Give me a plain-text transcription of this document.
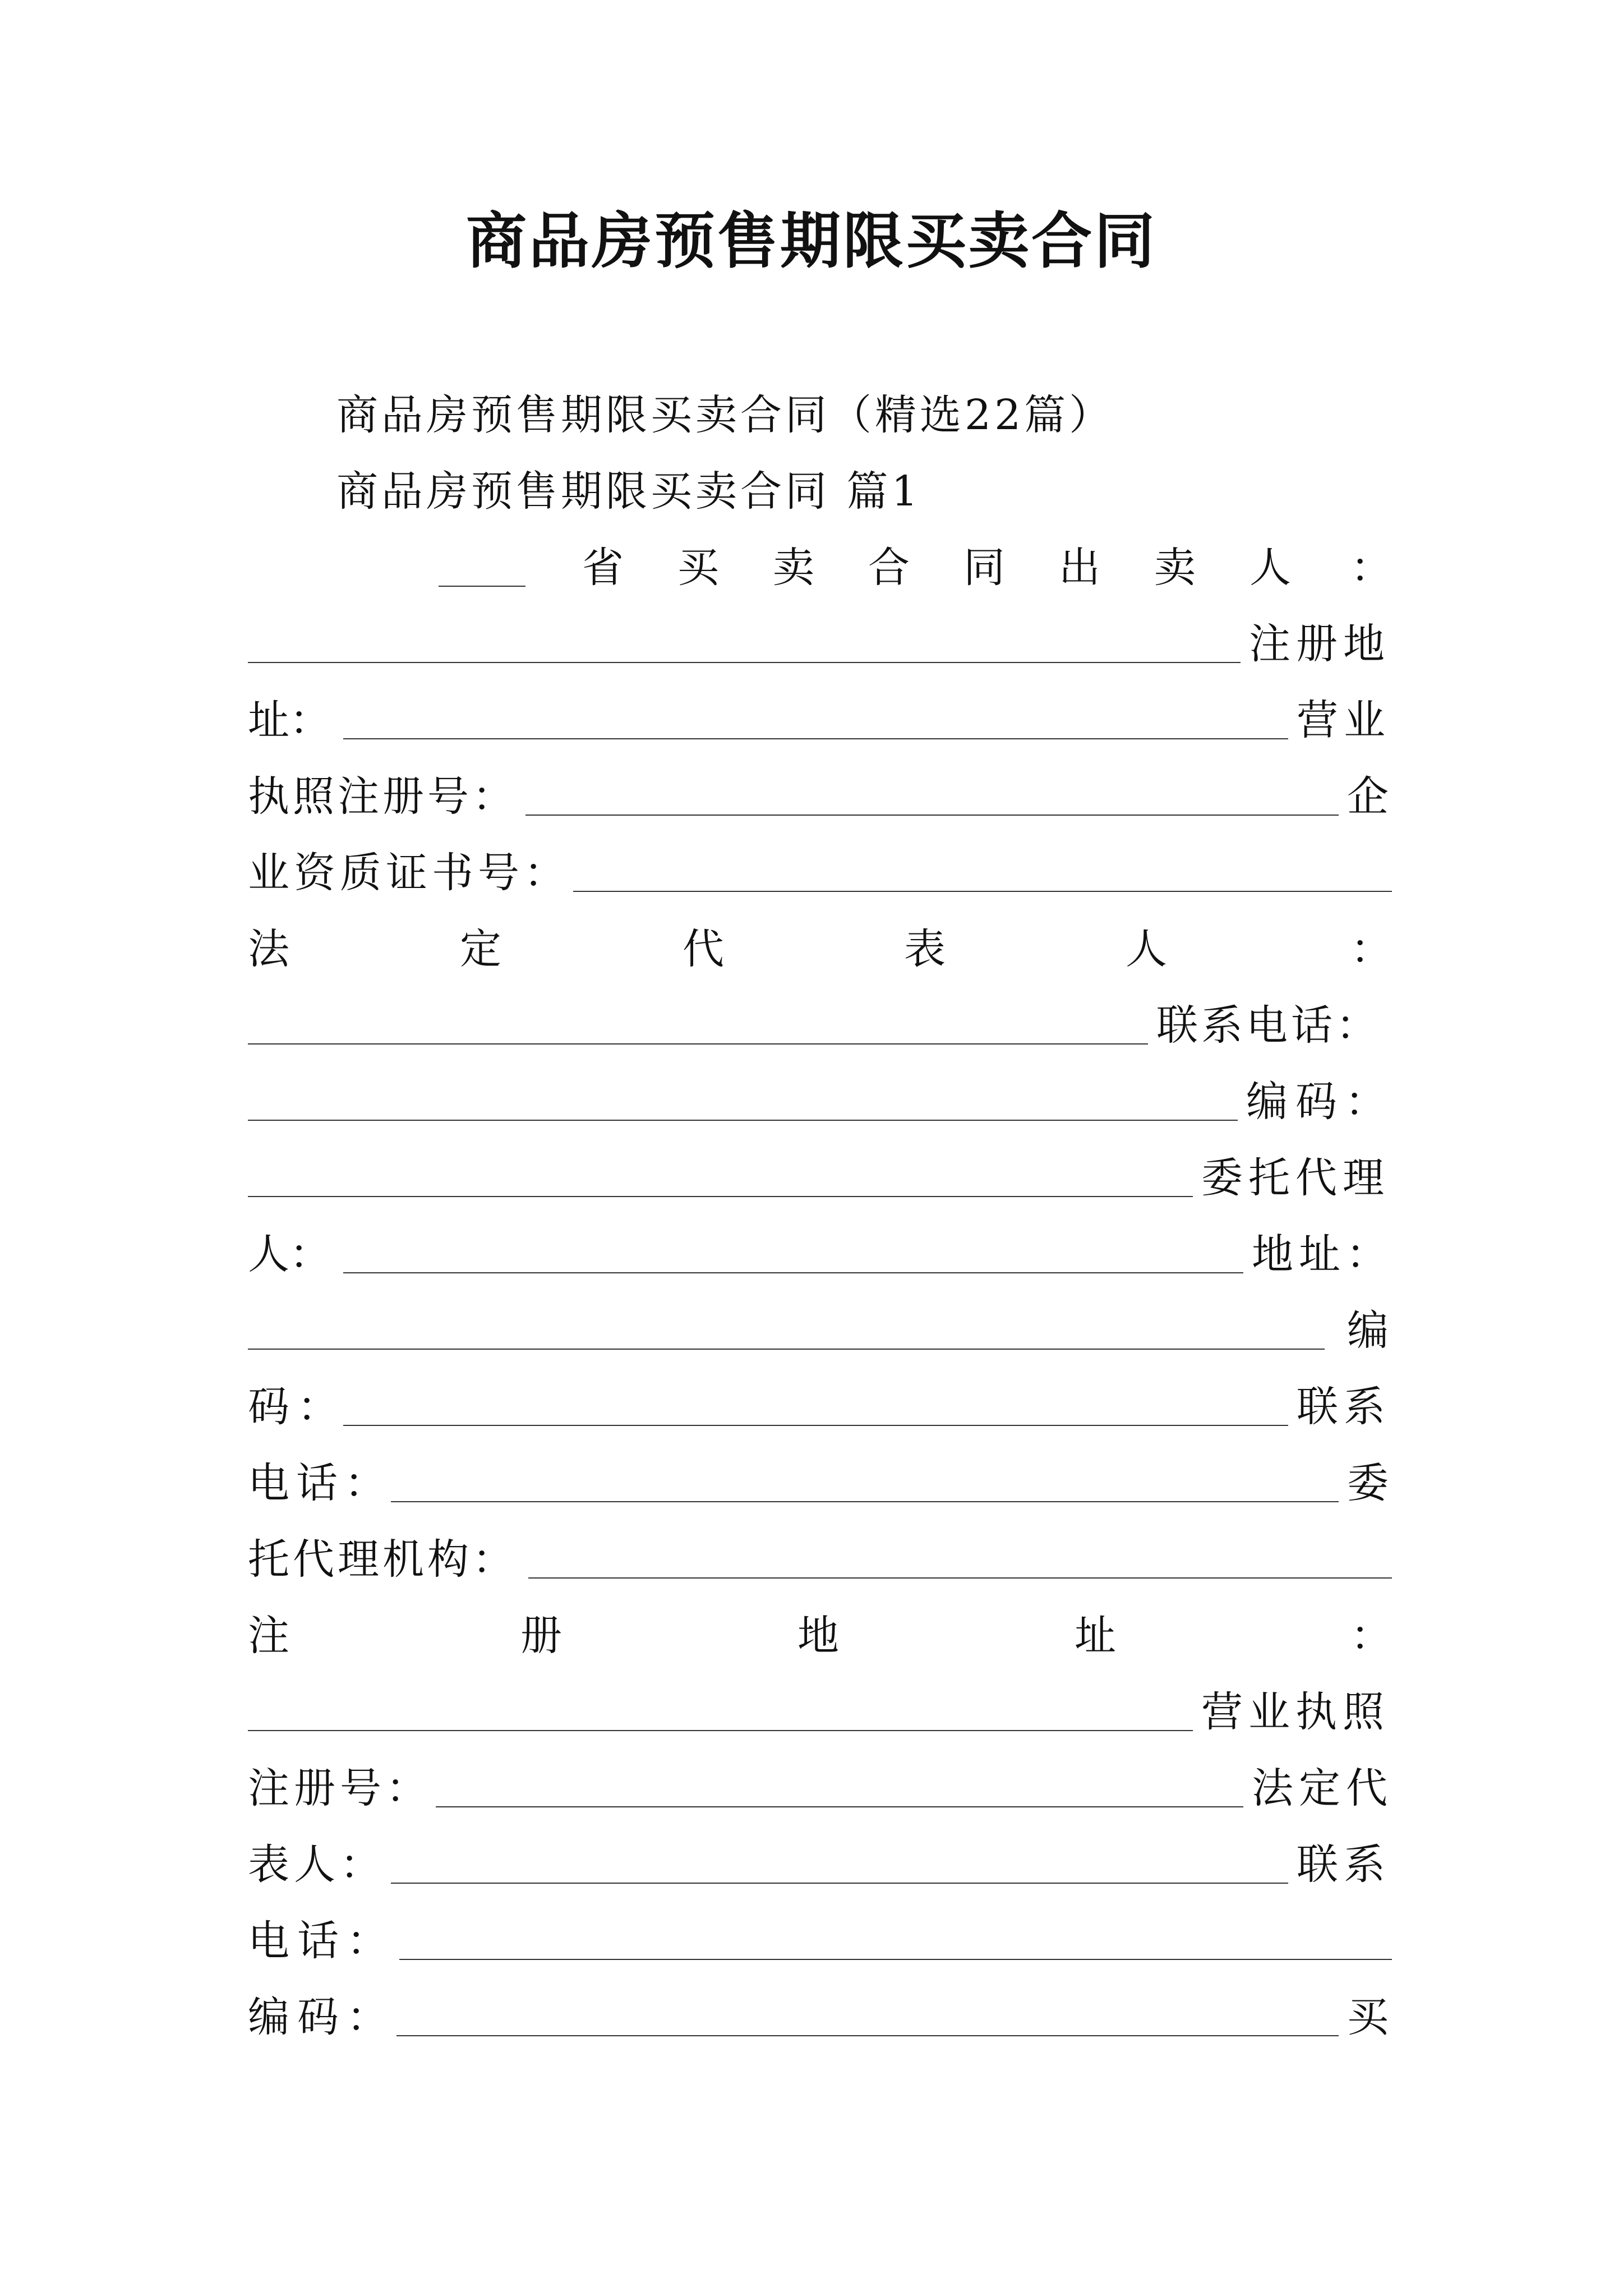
商品房预售期限买卖合同
商品房预售期限买卖合同（精选22篇）
商品房预售期限买卖合同 篇1
省 买 卖 合 同 出 卖 人 ：
注册地
址：	营业
执照注册号：	企
业资质证书号：
法	定	代	表	人	：
联系电话：
编码：
委托代理
人：	地址：
编
码：	联系
电话：	委
托代理机构：
注	册	地	址	：
营业执照
注册号：	法定代
表人：	联系
电话：
编码：	买
